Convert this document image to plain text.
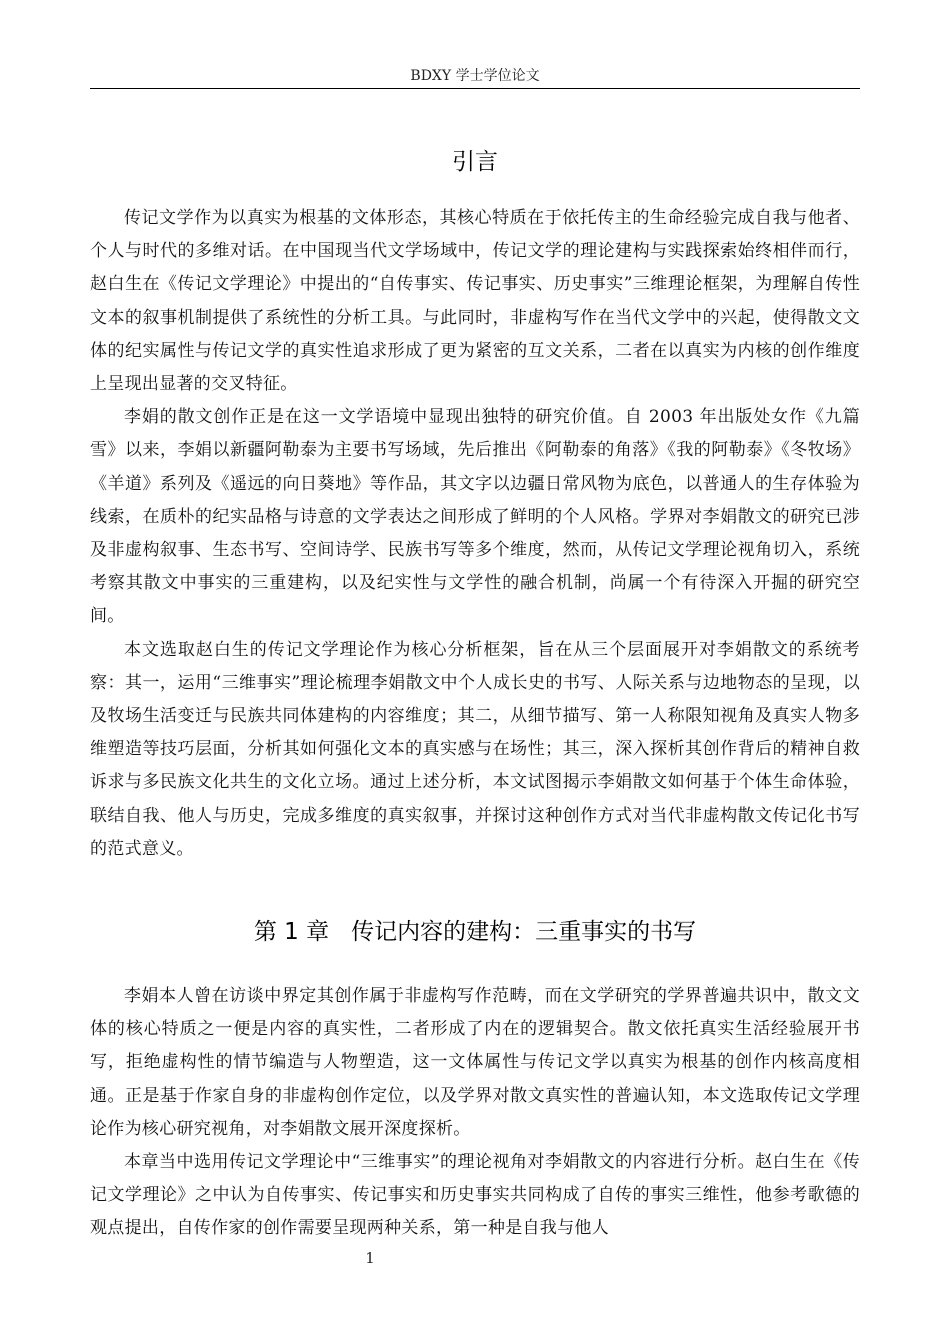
BDXY 学士学位论文
引言

传记文学作为以真实为根基的文体形态，其核心特质在于依托传主的生命经验完成自我与他者、个人与时代的多维对话。在中国现当代文学场域中，传记文学的理论建构与实践探索始终相伴而行，赵白生在《传记文学理论》中提出的“自传事实、传记事实、历史事实”三维理论框架，为理解自传性文本的叙事机制提供了系统性的分析工具。与此同时，非虚构写作在当代文学中的兴起，使得散文文体的纪实属性与传记文学的真实性追求形成了更为紧密的互文关系，二者在以真实为内核的创作维度上呈现出显著的交叉特征。

李娟的散文创作正是在这一文学语境中显现出独特的研究价值。自 2003 年出版处女作《九篇雪》以来，李娟以新疆阿勒泰为主要书写场域，先后推出《阿勒泰的角落》《我的阿勒泰》《冬牧场》《羊道》系列及《遥远的向日葵地》等作品，其文字以边疆日常风物为底色，以普通人的生存体验为线索，在质朴的纪实品格与诗意的文学表达之间形成了鲜明的个人风格。学界对李娟散文的研究已涉及非虚构叙事、生态书写、空间诗学、民族书写等多个维度，然而，从传记文学理论视角切入，系统考察其散文中事实的三重建构，以及纪实性与文学性的融合机制，尚属一个有待深入开掘的研究空间。

本文选取赵白生的传记文学理论作为核心分析框架，旨在从三个层面展开对李娟散文的系统考察：其一，运用“三维事实”理论梳理李娟散文中个人成长史的书写、人际关系与边地物态的呈现，以及牧场生活变迁与民族共同体建构的内容维度；其二，从细节描写、第一人称限知视角及真实人物多维塑造等技巧层面，分析其如何强化文本的真实感与在场性；其三，深入探析其创作背后的精神自救诉求与多民族文化共生的文化立场。通过上述分析，本文试图揭示李娟散文如何基于个体生命体验，联结自我、他人与历史，完成多维度的真实叙事，并探讨这种创作方式对当代非虚构散文传记化书写的范式意义。

第 1 章 传记内容的建构：三重事实的书写

李娟本人曾在访谈中界定其创作属于非虚构写作范畴，而在文学研究的学界普遍共识中，散文文体的核心特质之一便是内容的真实性，二者形成了内在的逻辑契合。散文依托真实生活经验展开书写，拒绝虚构性的情节编造与人物塑造，这一文体属性与传记文学以真实为根基的创作内核高度相通。正是基于作家自身的非虚构创作定位，以及学界对散文真实性的普遍认知，本文选取传记文学理论作为核心研究视角，对李娟散文展开深度探析。

本章当中选用传记文学理论中“三维事实”的理论视角对李娟散文的内容进行分析。赵白生在《传记文学理论》之中认为自传事实、传记事实和历史事实共同构成了自传的事实三维性，他参考歌德的观点提出，自传作家的创作需要呈现两种关系，第一种是自我与他人

1
